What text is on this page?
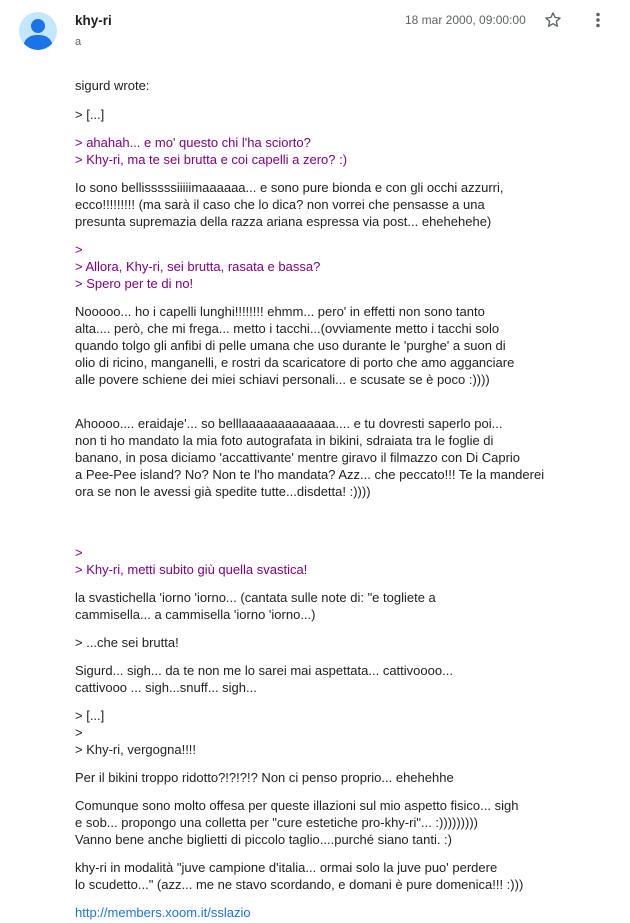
khy-ri
a
18 mar 2000, 09:00:00

sigurd wrote:

> [...]

> ahahah... e mo' questo chi l'ha sciorto?
> Khy-ri, ma te sei brutta e coi capelli a zero? :)

Io sono bellisssssiiiiimaaaaaa... e sono pure bionda e con gli occhi azzurri,
ecco!!!!!!!!! (ma sarà il caso che lo dica? non vorrei che pensasse a una
presunta supremazia della razza ariana espressa via post... ehehehehe)

>
> Allora, Khy-ri, sei brutta, rasata e bassa?
> Spero per te di no!

Nooooo... ho i capelli lunghi!!!!!!!! ehmm... pero' in effetti non sono tanto
alta.... però, che mi frega... metto i tacchi...(ovviamente metto i tacchi solo
quando tolgo gli anfibi di pelle umana che uso durante le 'purghe' a suon di
olio di ricino, manganelli, e rostri da scaricatore di porto che amo agganciare
alle povere schiene dei miei schiavi personali... e scusate se è poco :))))

Ahoooo.... eraidaje'... so belllaaaaaaaaaaaaa.... e tu dovresti saperlo poi...
non ti ho mandato la mia foto autografata in bikini, sdraiata tra le foglie di
banano, in posa diciamo 'accattivante' mentre giravo il filmazzo con Di Caprio
a Pee-Pee island? No? Non te l'ho mandata? Azz... che peccato!!! Te la manderei
ora se non le avessi già spedite tutte...disdetta! :))))

>
> Khy-ri, metti subito giù quella svastica!

la svastichella 'iorno 'iorno... (cantata sulle note di: "e togliete a
cammisella... a cammisella 'iorno 'iorno...)

> ...che sei brutta!

Sigurd... sigh... da te non me lo sarei mai aspettata... cattivoooo...
cattivooo ... sigh...snuff... sigh...

> [...]
>
> Khy-ri, vergogna!!!!

Per il bikini troppo ridotto?!?!?!? Non ci penso proprio... ehehehhe

Comunque sono molto offesa per queste illazioni sul mio aspetto fisico... sigh
e sob... propongo una colletta per "cure estetiche pro-khy-ri"... :)))))))))
Vanno bene anche biglietti di piccolo taglio....purché siano tanti. :)

khy-ri in modalità "juve campione d'italia... ormai solo la juve puo' perdere
lo scudetto..." (azz... me ne stavo scordando, e domani è pure domenica!!! :)))

http://members.xoom.it/sslazio
